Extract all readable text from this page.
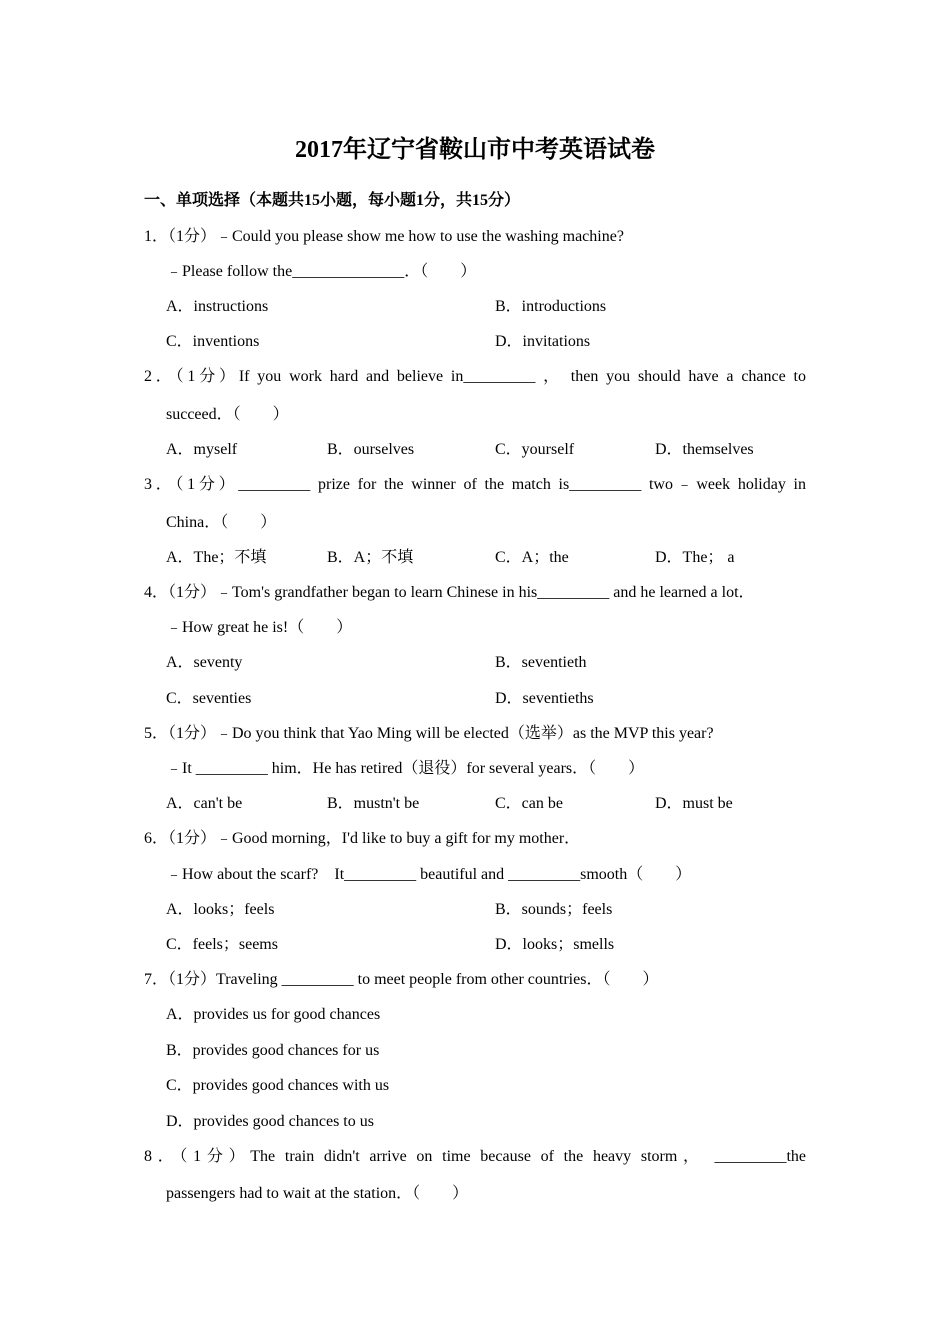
2017年辽宁省鞍山市中考英语试卷
一、单项选择（本题共15小题，每小题1分，共15分）
1．（1分）﹣Could you please show me how to use the washing machine?
﹣Please follow the______________．（　　）
A．instructions	B．introductions
C．inventions	D．invitations
2．（1分）If you work hard and believe in_________ ， then you should have a chance to
succeed．（　　）
A．myself	B．ourselves	C．yourself	D．themselves
3．（1分）_________ prize for the winner of the match is_________ two﹣week holiday in
China．（　　）
A．The；不填	B．A；不填	C．A；the	D．The； a
4．（1分）﹣Tom's grandfather began to learn Chinese in his_________ and he learned a lot．
﹣How great he is!（　　）
A．seventy	B．seventieth
C．seventies	D．seventieths
5．（1分）﹣Do you think that Yao Ming will be elected（选举）as the MVP this year?
﹣It _________ him．He has retired（退役）for several years．（　　）
A．can't be	B．mustn't be	C．can be	D．must be
6．（1分）﹣Good morning，I'd like to buy a gift for my mother．
﹣How about the scarf?　It_________ beautiful and _________smooth（　　）
A．looks；feels	B．sounds；feels
C．feels；seems	D．looks；smells
7．（1分）Traveling _________ to meet people from other countries．（　　）
A．provides us for good chances
B．provides good chances for us
C．provides good chances with us
D．provides good chances to us
8．（1分）The train didn't arrive on time because of the heavy storm， _________the
passengers had to wait at the station．（　　）
